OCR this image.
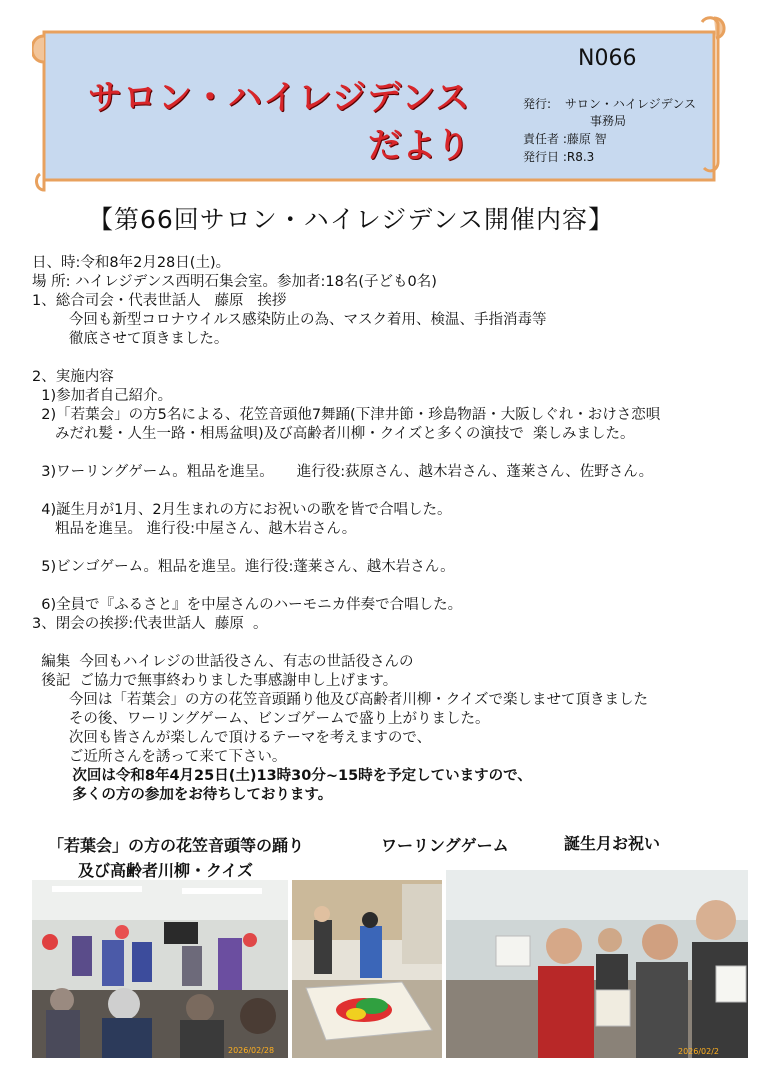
サロン・ハイレジデンス
だより
N066
発行: サロン・ハイレジデンス
事務局
責任者 :藤原 智
発行日 :R8.3
【第66回サロン・ハイレジデンス開催内容】
日、時:令和8年2月28日(土)。
場 所: ハイレジデンス西明石集会室。参加者:18名(子ども0名)
1、総合司会・代表世話人   藤原   挨拶
今回も新型コロナウイルス感染防止の為、マスク着用、検温、手指消毒等
徹底させて頂きました。

2、実施内容
1)参加者自己紹介。
2)「若葉会」の方5名による、花笠音頭他7舞踊(下津井節・珍島物語・大阪しぐれ・おけさ恋唄
みだれ髪・人生一路・相馬盆唄)及び高齢者川柳・クイズと多くの演技で  楽しみました。

3)ワーリングゲーム。粗品を進呈。     進行役:荻原さん、越木岩さん、蓬莱さん、佐野さん。

4)誕生月が1月、2月生まれの方にお祝いの歌を皆で合唱した。
粗品を進呈。 進行役:中屋さん、越木岩さん。

5)ビンゴゲーム。粗品を進呈。進行役:蓬莱さん、越木岩さん。

6)全員で『ふるさと』を中屋さんのハーモニカ伴奏で合唱した。
3、閉会の挨拶:代表世話人  藤原  。

編集  今回もハイレジの世話役さん、有志の世話役さんの
後記  ご協力で無事終わりました事感謝申し上げます。
今回は「若葉会」の方の花笠音頭踊り他及び高齢者川柳・クイズで楽しませて頂きました
その後、ワーリングゲーム、ビンゴゲームで盛り上がりました。
次回も皆さんが楽しんで頂けるテーマを考えますので、
ご近所さんを誘って来て下さい。
次回は令和8年4月25日(土)13時30分~15時を予定していますので、
多くの方の参加をお待ちしております。
「若葉会」の方の花笠音頭等の踊り
及び高齢者川柳・クイズ
ワーリングゲーム	誕生月お祝い
2026/02/28	2026/02/2
